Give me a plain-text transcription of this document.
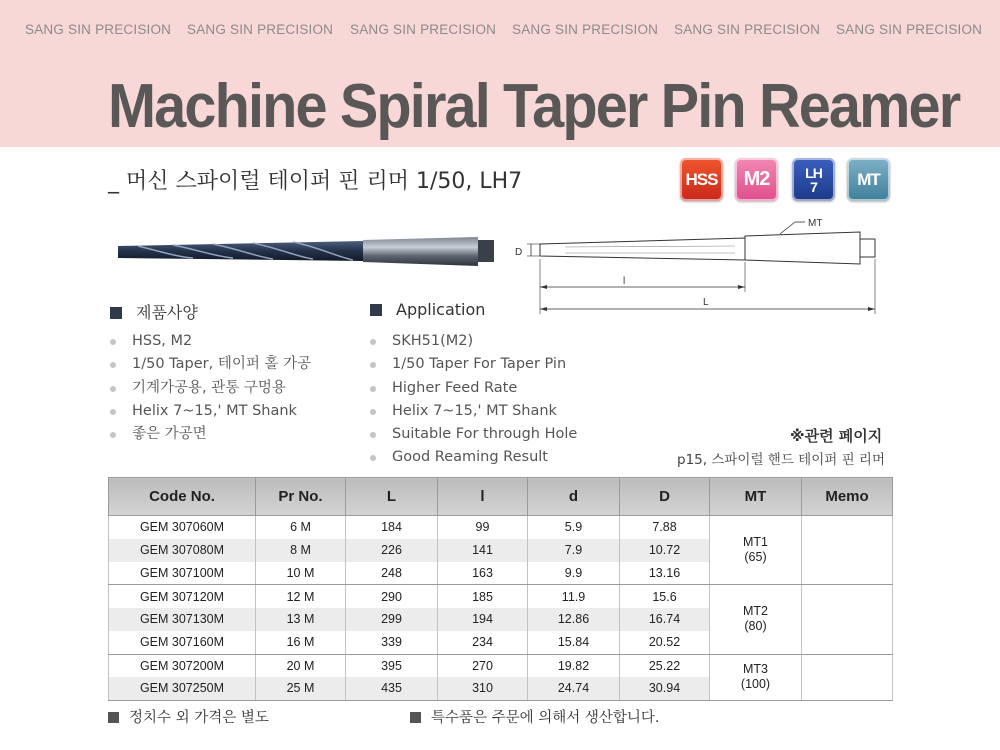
SANG SIN PRECISION SANG SIN PRECISION SANG SIN PRECISION SANG SIN PRECISION SANG SIN PRECISION SANG SIN PRECISION
Machine Spiral Taper Pin Reamer
_ 머신 스파이럴 테이퍼 핀 리머 1/50, LH7	HSS	M2	LH
7	MT
MT
D
l
L
제품사양	Application
HSS, M2
1/50 Taper, 테이퍼 홀 가공
기계가공용, 관통 구멍용
Helix 7~15,' MT Shank
좋은 가공면
SKH51(M2)
1/50 Taper For Taper Pin
Higher Feed Rate
Helix 7~15,' MT Shank
Suitable For through Hole
Good Reaming Result
※관련 페이지
p15, 스파이럴 핸드 테이퍼 핀 리머
Code No.	Pr No.	L	l	d	D	MT	Memo
GEM 307060M	6 M	184	99	5.9	7.88	MT1
(65)	
GEM 307080M	8 M	226	141	7.9	10.72		
GEM 307100M	10 M	248	163	9.9	13.16		
GEM 307120M	12 M	290	185	11.9	15.6	MT2
(80)	
GEM 307130M	13 M	299	194	12.86	16.74		
GEM 307160M	16 M	339	234	15.84	20.52		
GEM 307200M	20 M	395	270	19.82	25.22	MT3
(100)	
GEM 307250M	25 M	435	310	24.74	30.94		
정치수 외 가격은 별도	특수품은 주문에 의해서 생산합니다.
